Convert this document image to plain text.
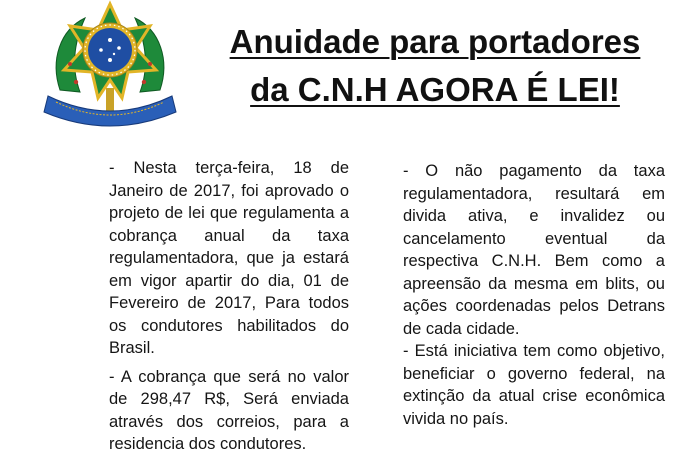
Anuidade para portadores
da C.N.H AGORA É LEI!

- Nesta terça-feira, 18 de Janeiro de 2017, foi aprovado o projeto de lei que regulamenta a cobrança anual da taxa regulamentadora, que ja estará em vigor apartir do dia, 01 de Fevereiro de 2017, Para todos os condutores habilitados do Brasil.

- A cobrança que será no valor de 298,47 R$, Será enviada através dos correios, para a residencia dos condutores.

- O não pagamento da taxa regulamentadora, resultará em divida ativa, e invalidez ou cancelamento eventual da respectiva C.N.H. Bem como a apreensão da mesma em blits, ou ações coordenadas pelos Detrans de cada cidade.

- Está iniciativa tem como objetivo, beneficiar o governo federal, na extinção da atual crise econômica vivida no país.
